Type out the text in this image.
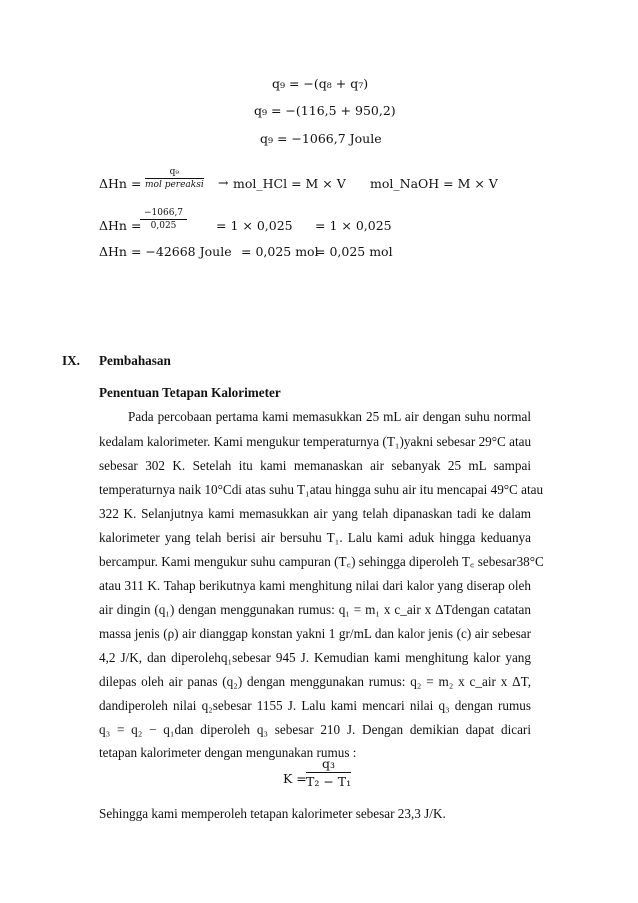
q₉ = −(q₈ + q₇)
q₉ = −(116,5 + 950,2)
q₉ = −1066,7 Joule
$\Delta Hn = \frac{\text{q₉}}{\text{mol pereaksi}}$ → mol_HCl = M × V mol_NaOH = M × V
ΔHn =
$\frac{-1066,7}{0,025} = 1 \times 0,025 = 1 \times 0,025$
ΔHn = −42668 Joule = 0,025 mol
= 0,025 mol
IX. Pembahasan
Penentuan Tetapan Kalorimeter
Pada percobaan pertama kami memasukkan 25 mL air dengan suhu normal
kedalam kalorimeter. Kami mengukur temperaturnya (T₁)yakni sebesar 29°C atau
sebesar 302 K. Setelah itu kami memanaskan air sebanyak 25 mL sampai
temperaturnya naik 10°Cdi atas suhu T₁atau hingga suhu air itu mencapai 49°C atau
322 K. Selanjutnya kami memasukkan air yang telah dipanaskan tadi ke dalam
kalorimeter yang telah berisi air bersuhu T₁. Lalu kami aduk hingga keduanya
bercampur. Kami mengukur suhu campuran (T꜀) sehingga diperoleh T꜀ sebesar38°C
atau 311 K. Tahap berikutnya kami menghitung nilai dari kalor yang diserap oleh
air dingin (q₁) dengan menggunakan rumus: q₁ = m₁ x c_air x ΔTdengan catatan
massa jenis (ρ) air dianggap konstan yakni 1 gr/mL dan kalor jenis (c) air sebesar
4,2 J/K, dan diperolehq₁sebesar 945 J. Kemudian kami menghitung kalor yang
dilepas oleh air panas (q₂) dengan menggunakan rumus: q₂ = m₂ x c_air x ΔT,
dandiperoleh nilai q₂sebesar 1155 J. Lalu kami mencari nilai q₃ dengan rumus
q₃ = q₂ − q₁dan diperoleh q₃ sebesar 210 J. Dengan demikian dapat dicari
tetapan kalorimeter dengan mengunakan rumus :
$K = \frac{\text{q₃}}{\text{T₂ − T₁}}$
Sehingga kami memperoleh tetapan kalorimeter sebesar 23,3 J/K.
